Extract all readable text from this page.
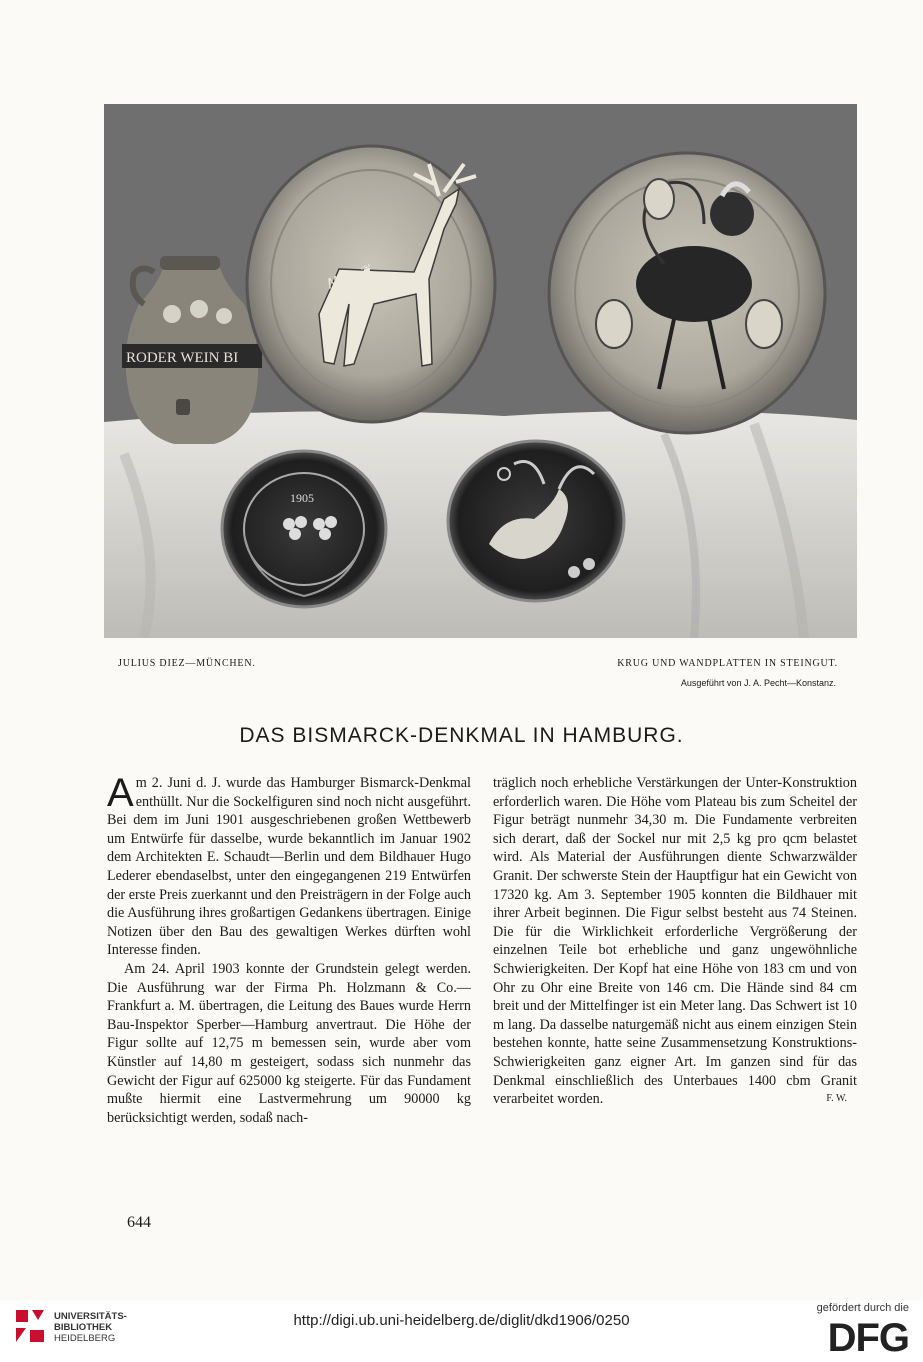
RODER WEIN BI
ꟿ ☙ ❦
1905
JULIUS DIEZ—MÜNCHEN.	KRUG UND WANDPLATTEN IN STEINGUT.
Ausgeführt von J. A. Pecht—Konstanz.
DAS BISMARCK-DENKMAL IN HAMBURG.

Am 2. Juni d. J. wurde das Hamburger Bismarck-Denkmal enthüllt. Nur die Sockelfiguren sind noch nicht ausgeführt. Bei dem im Juni 1901 ausgeschriebenen großen Wettbewerb um Entwürfe für dasselbe, wurde bekanntlich im Januar 1902 dem Architekten E. Schaudt—Berlin und dem Bildhauer Hugo Lederer ebendaselbst, unter den eingegangenen 219 Entwürfen der erste Preis zuerkannt und den Preisträgern in der Folge auch die Ausführung ihres großartigen Gedankens übertragen. Einige Notizen über den Bau des gewaltigen Werkes dürften wohl Interesse finden.

Am 24. April 1903 konnte der Grundstein gelegt werden. Die Ausführung war der Firma Ph. Holzmann & Co.—Frankfurt a. M. übertragen, die Leitung des Baues wurde Herrn Bau-Inspektor Sperber—Hamburg anvertraut. Die Höhe der Figur sollte auf 12,75 m bemessen sein, wurde aber vom Künstler auf 14,80 m gesteigert, sodass sich nunmehr das Gewicht der Figur auf 625000 kg steigerte. Für das Fundament mußte hiermit eine Lastvermehrung um 90000 kg berücksichtigt werden, sodaß nach-

träglich noch erhebliche Verstärkungen der Unter-Konstruktion erforderlich waren. Die Höhe vom Plateau bis zum Scheitel der Figur beträgt nunmehr 34,30 m. Die Fundamente verbreiten sich derart, daß der Sockel nur mit 2,5 kg pro qcm belastet wird. Als Material der Ausführungen diente Schwarzwälder Granit. Der schwerste Stein der Hauptfigur hat ein Gewicht von 17320 kg. Am 3. September 1905 konnten die Bildhauer mit ihrer Arbeit beginnen. Die Figur selbst besteht aus 74 Steinen. Die für die Wirklichkeit erforderliche Vergrößerung der einzelnen Teile bot erhebliche und ganz ungewöhnliche Schwierigkeiten. Der Kopf hat eine Höhe von 183 cm und von Ohr zu Ohr eine Breite von 146 cm. Die Hände sind 84 cm breit und der Mittelfinger ist ein Meter lang. Das Schwert ist 10 m lang. Da dasselbe naturgemäß nicht aus einem einzigen Stein bestehen konnte, hatte seine Zusammensetzung Konstruktions-Schwierigkeiten ganz eigner Art. Im ganzen sind für das Denkmal einschließlich des Unterbaues 1400 cbm Granit verarbeitet worden.	F. W.

644
UNIVERSITÄTS-
BIBLIOTHEK
HEIDELBERG
http://digi.ub.uni-heidelberg.de/diglit/dkd1906/0250
gefördert durch die
DFG
